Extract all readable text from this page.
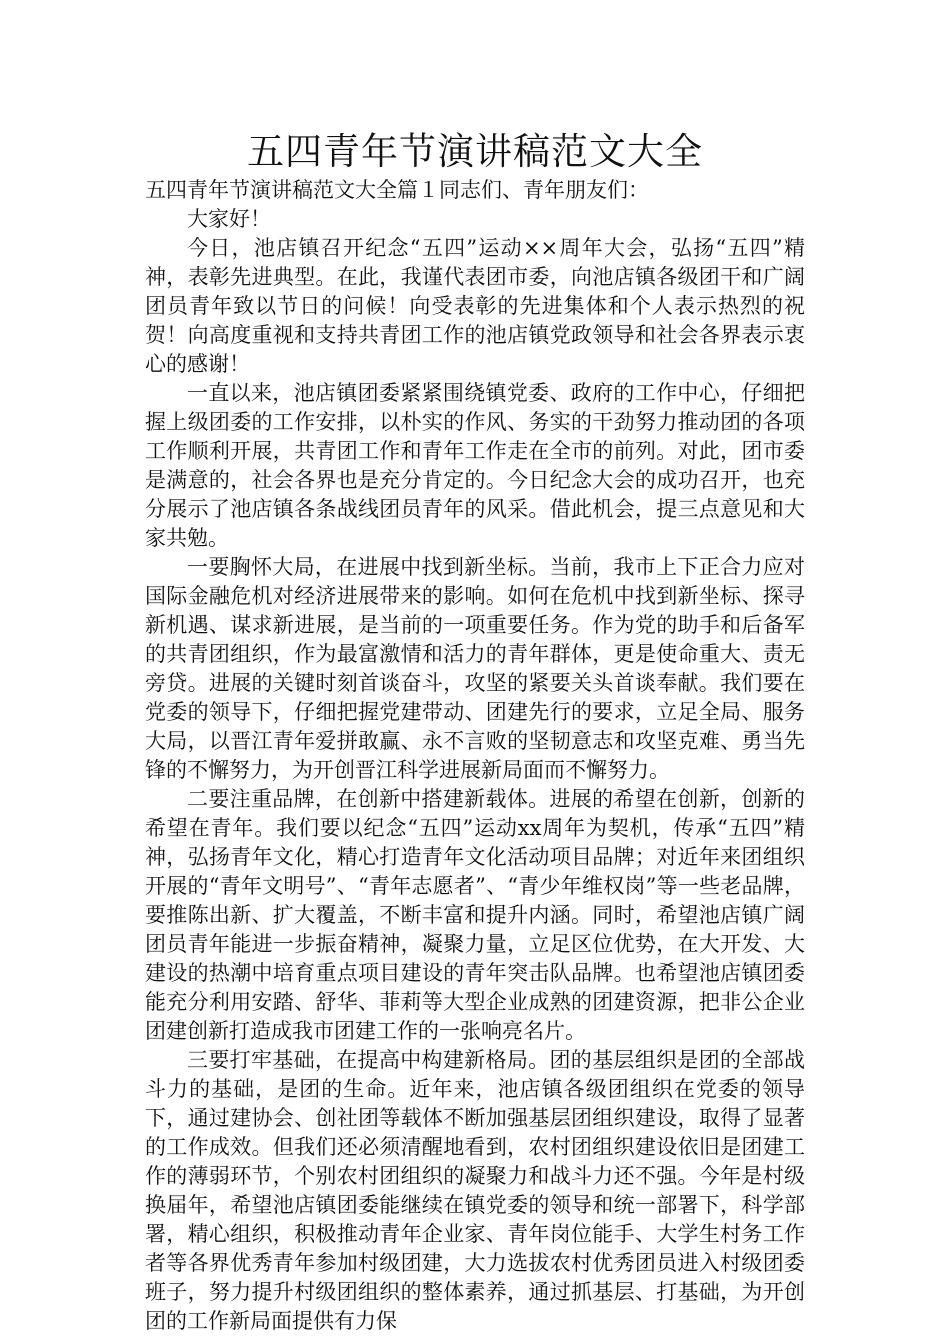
五四青年节演讲稿范文大全

五四青年节演讲稿范文大全篇１同志们、青年朋友们：

大家好！

今日，池店镇召开纪念“五四”运动××周年大会，弘扬“五四”精神，表彰先进典型。在此，我谨代表团市委，向池店镇各级团干和广阔团员青年致以节日的问候！向受表彰的先进集体和个人表示热烈的祝贺！向高度重视和支持共青团工作的池店镇党政领导和社会各界表示衷心的感谢！

一直以来，池店镇团委紧紧围绕镇党委、政府的工作中心，仔细把握上级团委的工作安排，以朴实的作风、务实的干劲努力推动团的各项工作顺利开展，共青团工作和青年工作走在全市的前列。对此，团市委是满意的，社会各界也是充分肯定的。今日纪念大会的成功召开，也充分展示了池店镇各条战线团员青年的风采。借此机会，提三点意见和大家共勉。

一要胸怀大局，在进展中找到新坐标。当前，我市上下正合力应对国际金融危机对经济进展带来的影响。如何在危机中找到新坐标、探寻新机遇、谋求新进展，是当前的一项重要任务。作为党的助手和后备军的共青团组织，作为最富激情和活力的青年群体，更是使命重大、责无旁贷。进展的关键时刻首谈奋斗，攻坚的紧要关头首谈奉献。我们要在党委的领导下，仔细把握党建带动、团建先行的要求，立足全局、服务大局，以晋江青年爱拼敢赢、永不言败的坚韧意志和攻坚克难、勇当先锋的不懈努力，为开创晋江科学进展新局面而不懈努力。

二要注重品牌，在创新中搭建新载体。进展的希望在创新，创新的希望在青年。我们要以纪念“五四”运动xx周年为契机，传承“五四”精神，弘扬青年文化，精心打造青年文化活动项目品牌；对近年来团组织开展的“青年文明号”、“青年志愿者”、“青少年维权岗”等一些老品牌，要推陈出新、扩大覆盖，不断丰富和提升内涵。同时，希望池店镇广阔团员青年能进一步振奋精神，凝聚力量，立足区位优势，在大开发、大建设的热潮中培育重点项目建设的青年突击队品牌。也希望池店镇团委能充分利用安踏、舒华、菲莉等大型企业成熟的团建资源，把非公企业团建创新打造成我市团建工作的一张响亮名片。

三要打牢基础，在提高中构建新格局。团的基层组织是团的全部战斗力的基础，是团的生命。近年来，池店镇各级团组织在党委的领导下，通过建协会、创社团等载体不断加强基层团组织建设，取得了显著的工作成效。但我们还必须清醒地看到，农村团组织建设依旧是团建工作的薄弱环节，个别农村团组织的凝聚力和战斗力还不强。今年是村级换届年，希望池店镇团委能继续在镇党委的领导和统一部署下，科学部署，精心组织，积极推动青年企业家、青年岗位能手、大学生村务工作者等各界优秀青年参加村级团建，大力选拔农村优秀团员进入村级团委班子，努力提升村级团组织的整体素养，通过抓基层、打基础，为开创团的工作新局面提供有力保
